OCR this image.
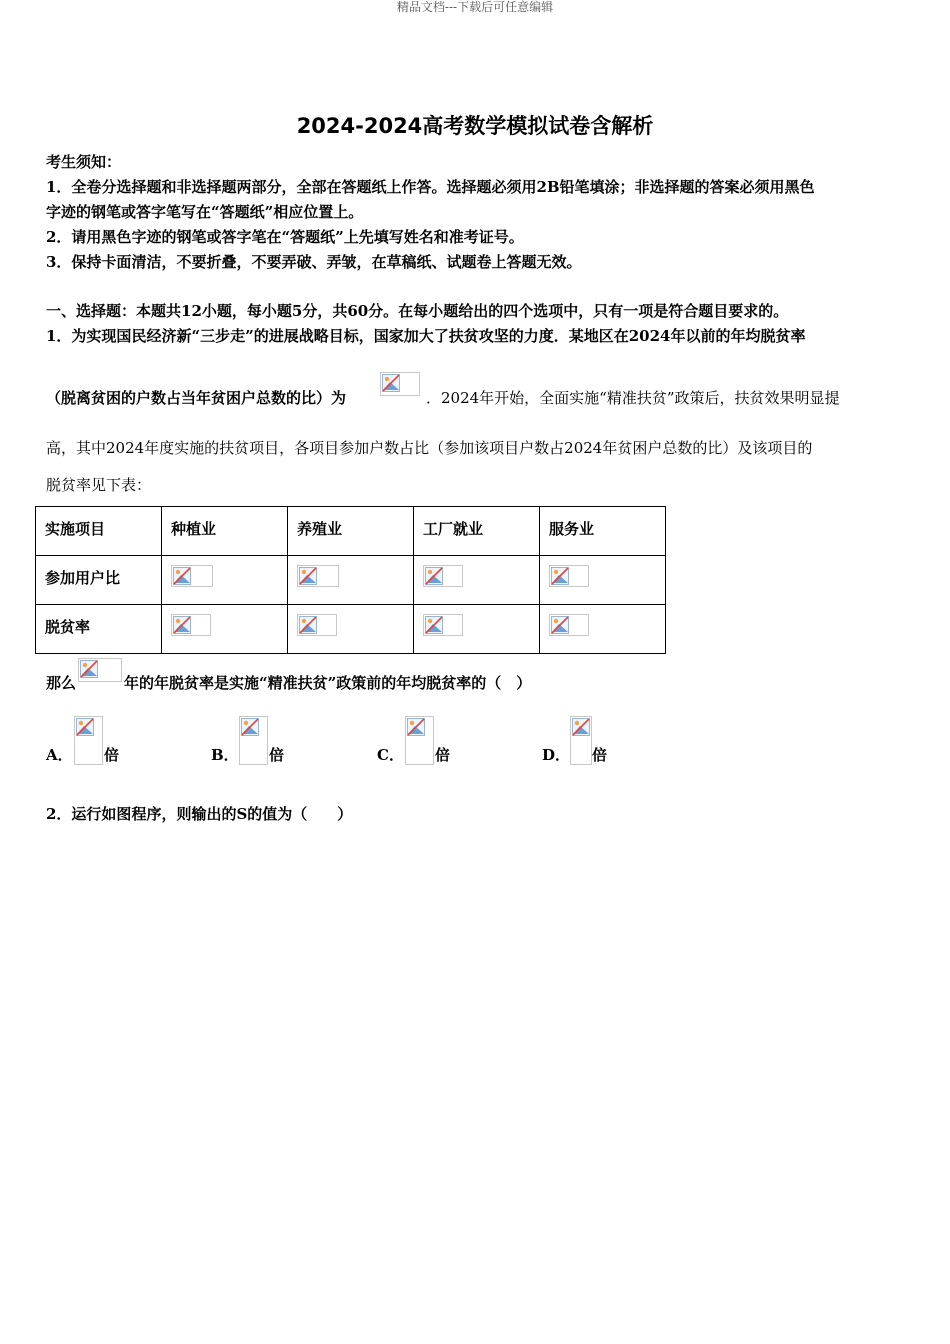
精品文档---下载后可任意编辑
2024-2024高考数学模拟试卷含解析
考生须知：
1．全卷分选择题和非选择题两部分，全部在答题纸上作答。选择题必须用2B铅笔填涂；非选择题的答案必须用黑色
字迹的钢笔或答字笔写在“答题纸”相应位置上。
2．请用黑色字迹的钢笔或答字笔在“答题纸”上先填写姓名和准考证号。
3．保持卡面清洁，不要折叠，不要弄破、弄皱，在草稿纸、试题卷上答题无效。
一、选择题：本题共12小题，每小题5分，共60分。在每小题给出的四个选项中，只有一项是符合题目要求的。
1．为实现国民经济新“三步走”的进展战略目标，国家加大了扶贫攻坚的力度．某地区在2024年以前的年均脱贫率
（脱离贫困的户数占当年贫困户总数的比）为	．2024年开始，全面实施“精准扶贫”政策后，扶贫效果明显提
高，其中2024年度实施的扶贫项目，各项目参加户数占比（参加该项目户数占2024年贫困户总数的比）及该项目的
脱贫率见下表：
实施项目	种植业	养殖业	工厂就业	服务业

参加用户比

脱贫率

那么	年的年脱贫率是实施“精准扶贫”政策前的年均脱贫率的（　）
A． 倍	B． 倍	C． 倍	D． 倍
2．运行如图程序，则输出的S的值为（　　）
